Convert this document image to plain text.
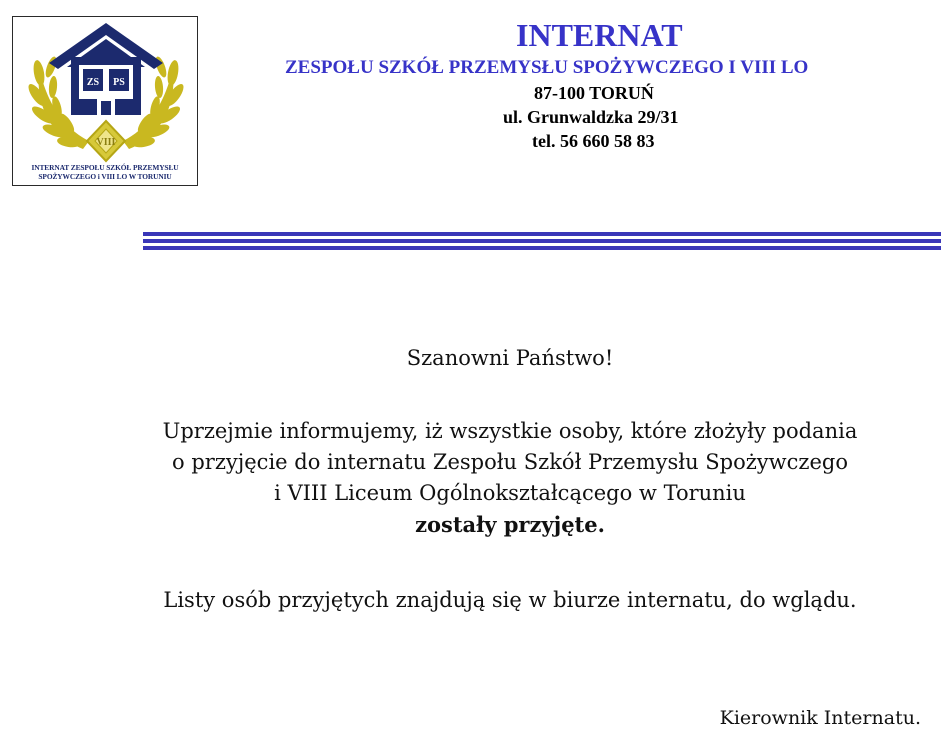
VIII
ZS PS
INTERNAT ZESPOŁU SZKÓŁ PRZEMYSŁU
SPOŻYWCZEGO i VIII LO W TORUNIU
INTERNAT
ZESPOŁU SZKÓŁ PRZEMYSŁU SPOŻYWCZEGO I VIII LO
87-100 TORUŃ
ul. Grunwaldzka 29/31
tel. 56 660 58 83
Szanowni Państwo!
Uprzejmie informujemy, iż wszystkie osoby, które złożyły podania
o przyjęcie do internatu Zespołu Szkół Przemysłu Spożywczego
i VIII Liceum Ogólnokształcącego w Toruniu
zostały przyjęte.
Listy osób przyjętych znajdują się w biurze internatu, do wglądu.
Kierownik Internatu.
